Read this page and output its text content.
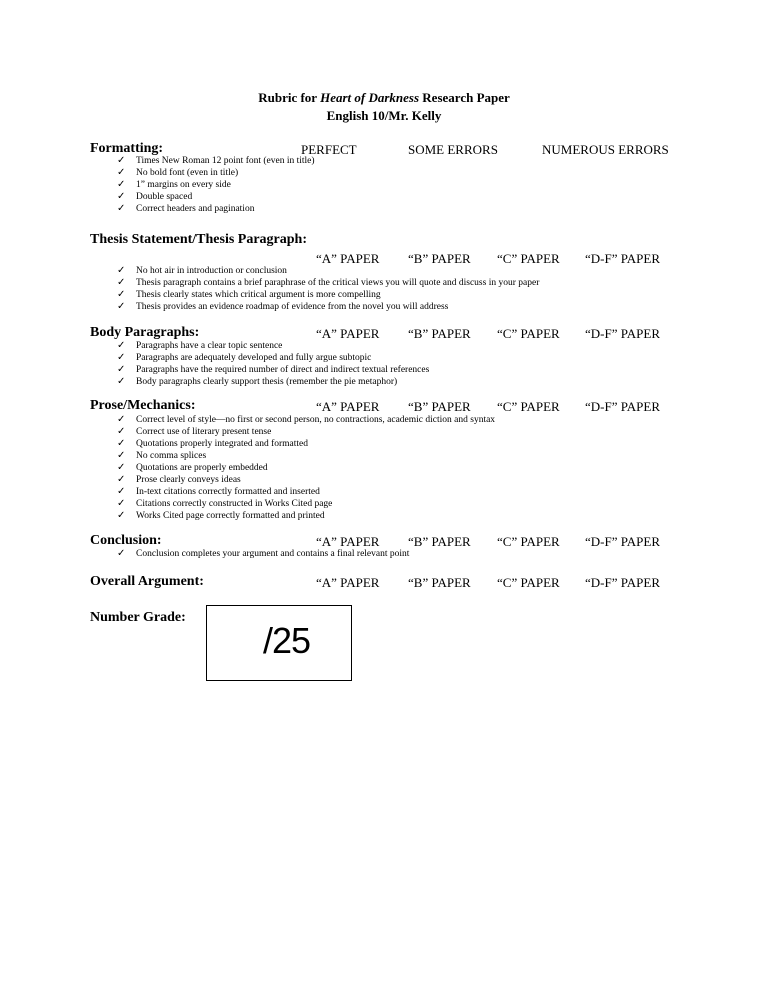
Rubric for Heart of Darkness Research Paper
English 10/Mr. Kelly
Formatting:	PERFECT	SOME ERRORS	NUMEROUS ERRORS
✓ Times New Roman 12 point font (even in title)
✓ No bold font (even in title)
✓ 1” margins on every side
✓ Double spaced
✓ Correct headers and pagination
Thesis Statement/Thesis Paragraph:
“A” PAPER “B” PAPER “C” PAPER “D-F” PAPER
✓ No hot air in introduction or conclusion
✓ Thesis paragraph contains a brief paraphrase of the critical views you will quote and discuss in your paper
✓ Thesis clearly states which critical argument is more compelling
✓ Thesis provides an evidence roadmap of evidence from the novel you will address
Body Paragraphs:	“A” PAPER “B” PAPER “C” PAPER “D-F” PAPER
✓ Paragraphs have a clear topic sentence
✓ Paragraphs are adequately developed and fully argue subtopic
✓ Paragraphs have the required number of direct and indirect textual references
✓ Body paragraphs clearly support thesis (remember the pie metaphor)
Prose/Mechanics:	“A” PAPER “B” PAPER “C” PAPER “D-F” PAPER
✓ Correct level of style—no first or second person, no contractions, academic diction and syntax
✓ Correct use of literary present tense
✓ Quotations properly integrated and formatted
✓ No comma splices
✓ Quotations are properly embedded
✓ Prose clearly conveys ideas
✓ In-text citations correctly formatted and inserted
✓ Citations correctly constructed in Works Cited page
✓ Works Cited page correctly formatted and printed
Conclusion:	“A” PAPER “B” PAPER “C” PAPER “D-F” PAPER
✓ Conclusion completes your argument and contains a final relevant point
Overall Argument:	“A” PAPER “B” PAPER “C” PAPER “D-F” PAPER
Number Grade:
/25
